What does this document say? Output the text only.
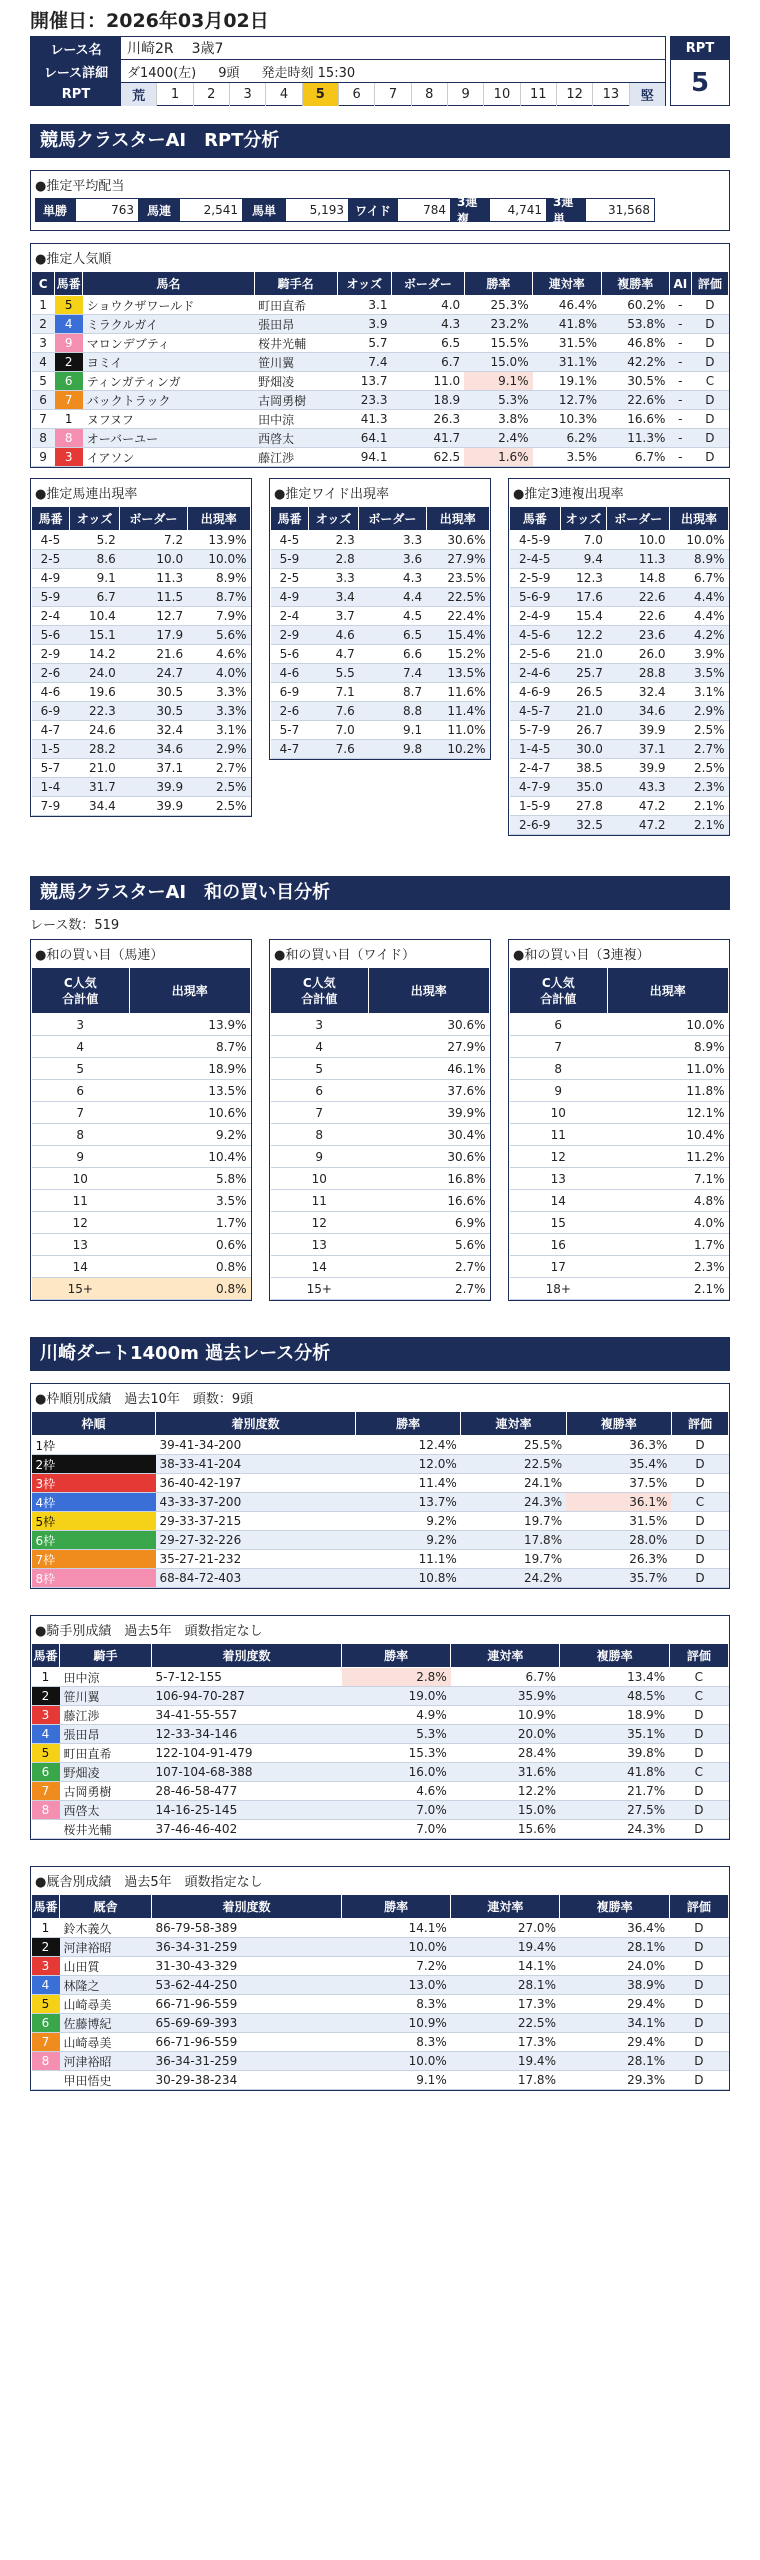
開催日：2026年03月02日
レース名	川崎2R 3歳7
レース詳細	ダ1400(左) 9頭 発走時刻 15:30
RPT	荒	1	2	3	4	5	6	7	8	9	10	11	12	13	堅
RPT
5
競馬クラスターAI　RPT分析
●推定平均配当
単勝	763	馬連	2,541	馬単	5,193 ワイド	784
3連複
4,741
3連単
31,568
●推定人気順
C	馬番	馬名	騎手名	オッズ	ボーダー	勝率	連対率	複勝率	AI	評価
1	5	ショウクザワールド	町田直希	3.1	4.0	25.3%	46.4%	60.2%	-	D
2	4	ミラクルガイ	張田昂	3.9	4.3	23.2%	41.8%	53.8%	-	D
3	9	マロンデブティ	桜井光輔	5.7	6.5	15.5%	31.5%	46.8%	-	D
4	2	ヨミイ	笹川翼	7.4	6.7	15.0%	31.1%	42.2%	-	D
5	6	ティンガティンガ	野畑凌	13.7	11.0	9.1%	19.1%	30.5%	-	C
6	7	バックトラック	古岡勇樹	23.3	18.9	5.3%	12.7%	22.6%	-	D
7	1	ヌフヌフ	田中涼	41.3	26.3	3.8%	10.3%	16.6%	-	D
8	8	オーバーユー	西啓太	64.1	41.7	2.4%	6.2%	11.3%	-	D
9	3	イアソン	藤江渉	94.1	62.5	1.6%	3.5%	6.7%	-	D
●推定馬連出現率
馬番	オッズ	ボーダー	出現率
4-5	5.2	7.2	13.9%
2-5	8.6	10.0	10.0%
4-9	9.1	11.3	8.9%
5-9	6.7	11.5	8.7%
2-4	10.4	12.7	7.9%
5-6	15.1	17.9	5.6%
2-9	14.2	21.6	4.6%
2-6	24.0	24.7	4.0%
4-6	19.6	30.5	3.3%
6-9	22.3	30.5	3.3%
4-7	24.6	32.4	3.1%
1-5	28.2	34.6	2.9%
5-7	21.0	37.1	2.7%
1-4	31.7	39.9	2.5%
7-9	34.4	39.9	2.5%
●推定ワイド出現率
馬番	オッズ	ボーダー	出現率
4-5	2.3	3.3	30.6%
5-9	2.8	3.6	27.9%
2-5	3.3	4.3	23.5%
4-9	3.4	4.4	22.5%
2-4	3.7	4.5	22.4%
2-9	4.6	6.5	15.4%
5-6	4.7	6.6	15.2%
4-6	5.5	7.4	13.5%
6-9	7.1	8.7	11.6%
2-6	7.6	8.8	11.4%
5-7	7.0	9.1	11.0%
4-7	7.6	9.8	10.2%
●推定3連複出現率
馬番	オッズ	ボーダー	出現率
4-5-9	7.0	10.0	10.0%
2-4-5	9.4	11.3	8.9%
2-5-9	12.3	14.8	6.7%
5-6-9	17.6	22.6	4.4%
2-4-9	15.4	22.6	4.4%
4-5-6	12.2	23.6	4.2%
2-5-6	21.0	26.0	3.9%
2-4-6	25.7	28.8	3.5%
4-6-9	26.5	32.4	3.1%
4-5-7	21.0	34.6	2.9%
5-7-9	26.7	39.9	2.5%
1-4-5	30.0	37.1	2.7%
2-4-7	38.5	39.9	2.5%
4-7-9	35.0	43.3	2.3%
1-5-9	27.8	47.2	2.1%
2-6-9	32.5	47.2	2.1%
競馬クラスターAI　和の買い目分析
レース数：519
●和の買い目（馬連）
C人気
合計値	出現率
3	13.9%
4	8.7%
5	18.9%
6	13.5%
7	10.6%
8	9.2%
9	10.4%
10	5.8%
11	3.5%
12	1.7%
13	0.6%
14	0.8%
15+	0.8%
●和の買い目（ワイド）
C人気
合計値	出現率
3	30.6%
4	27.9%
5	46.1%
6	37.6%
7	39.9%
8	30.4%
9	30.6%
10	16.8%
11	16.6%
12	6.9%
13	5.6%
14	2.7%
15+	2.7%
●和の買い目（3連複）
C人気
合計値	出現率
6	10.0%
7	8.9%
8	11.0%
9	11.8%
10	12.1%
11	10.4%
12	11.2%
13	7.1%
14	4.8%
15	4.0%
16	1.7%
17	2.3%
18+	2.1%
川崎ダート1400m 過去レース分析
●枠順別成績　過去10年　頭数：9頭
枠順	着別度数	勝率	連対率	複勝率	評価
1枠	39-41-34-200	12.4%	25.5%	36.3%	D
2枠	38-33-41-204	12.0%	22.5%	35.4%	D
3枠	36-40-42-197	11.4%	24.1%	37.5%	D
4枠	43-33-37-200	13.7%	24.3%	36.1%	C
5枠	29-33-37-215	9.2%	19.7%	31.5%	D
6枠	29-27-32-226	9.2%	17.8%	28.0%	D
7枠	35-27-21-232	11.1%	19.7%	26.3%	D
8枠	68-84-72-403	10.8%	24.2%	35.7%	D
●騎手別成績　過去5年　頭数指定なし
馬番	騎手	着別度数	勝率	連対率	複勝率	評価
1	田中涼	5-7-12-155	2.8%	6.7%	13.4%	C
2	笹川翼	106-94-70-287	19.0%	35.9%	48.5%	C
3	藤江渉	34-41-55-557	4.9%	10.9%	18.9%	D
4	張田昂	12-33-34-146	5.3%	20.0%	35.1%	D
5	町田直希	122-104-91-479	15.3%	28.4%	39.8%	D
6	野畑凌	107-104-68-388	16.0%	31.6%	41.8%	C
7	古岡勇樹	28-46-58-477	4.6%	12.2%	21.7%	D
8	西啓太	14-16-25-145	7.0%	15.0%	27.5%	D
9	桜井光輔	37-46-46-402	7.0%	15.6%	24.3%	D
●厩舎別成績　過去5年　頭数指定なし
馬番	厩舎	着別度数	勝率	連対率	複勝率	評価
1	鈴木義久	86-79-58-389	14.1%	27.0%	36.4%	D
2	河津裕昭	36-34-31-259	10.0%	19.4%	28.1%	D
3	山田質	31-30-43-329	7.2%	14.1%	24.0%	D
4	林隆之	53-62-44-250	13.0%	28.1%	38.9%	D
5	山崎尋美	66-71-96-559	8.3%	17.3%	29.4%	D
6	佐藤博紀	65-69-69-393	10.9%	22.5%	34.1%	D
7	山崎尋美	66-71-96-559	8.3%	17.3%	29.4%	D
8	河津裕昭	36-34-31-259	10.0%	19.4%	28.1%	D
9	甲田悟史	30-29-38-234	9.1%	17.8%	29.3%	D
